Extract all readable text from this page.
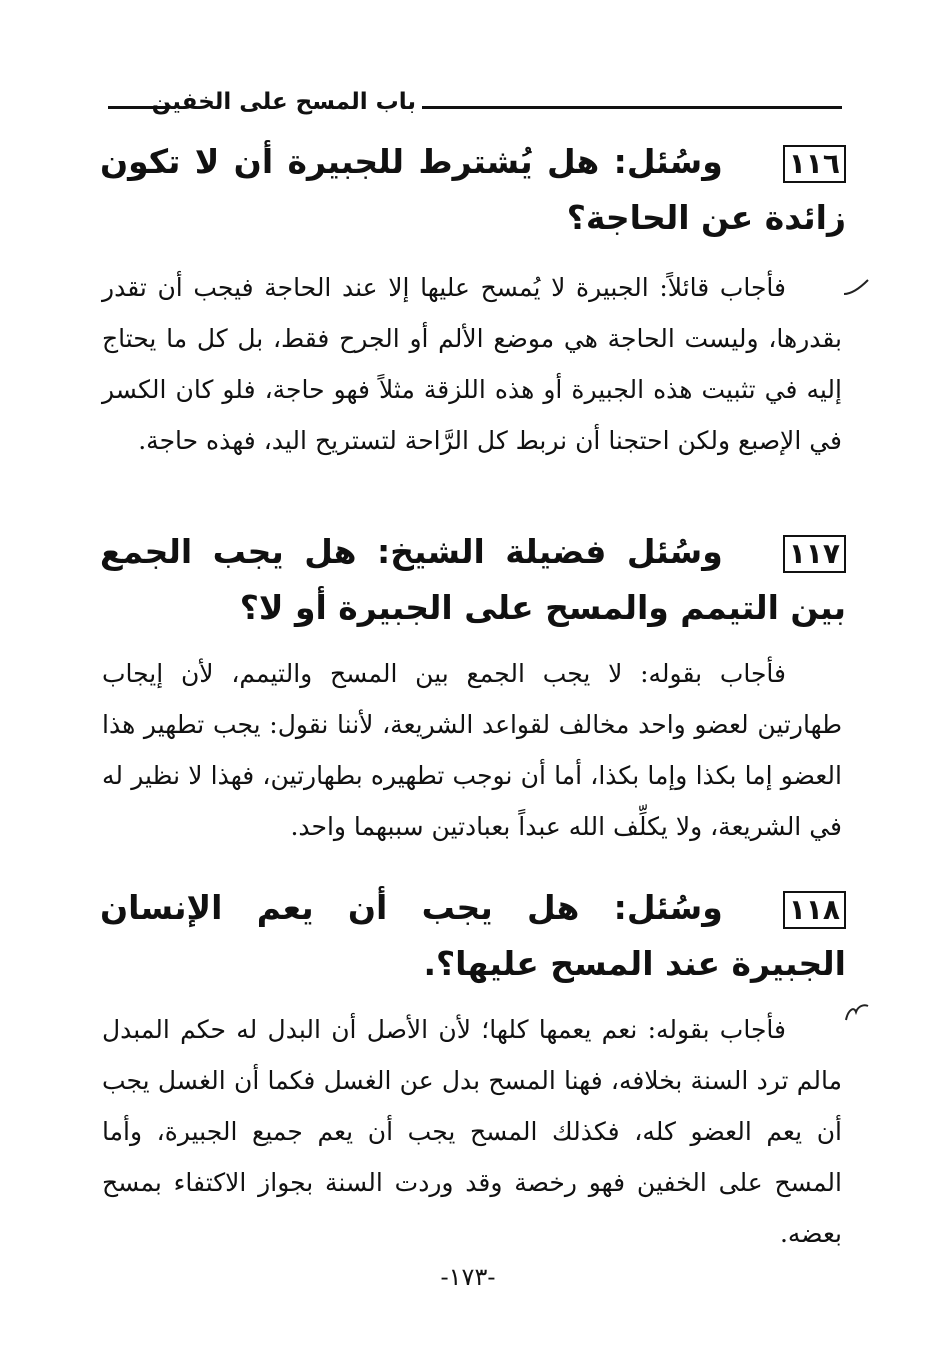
باب المسح على الخفين
١١٦وسُئل: هل يُشترط للجبيرة أن لا تكون زائدة عن الحاجة؟
فأجاب قائلاً: الجبيرة لا يُمسح عليها إلا عند الحاجة فيجب أن تقدر بقدرها، وليست الحاجة هي موضع الألم أو الجرح فقط، بل كل ما يحتاج إليه في تثبيت هذه الجبيرة أو هذه اللزقة مثلاً فهو حاجة، فلو كان الكسر في الإصبع ولكن احتجنا أن نربط كل الرَّاحة لتستريح اليد، فهذه حاجة.
١١٧وسُئل فضيلة الشيخ: هل يجب الجمع بين التيمم والمسح على الجبيرة أو لا؟
فأجاب بقوله: لا يجب الجمع بين المسح والتيمم، لأن إيجاب طهارتين لعضو واحد مخالف لقواعد الشريعة، لأننا نقول: يجب تطهير هذا العضو إما بكذا وإما بكذا، أما أن نوجب تطهيره بطهارتين، فهذا لا نظير له في الشريعة، ولا يكلِّف الله عبداً بعبادتين سببهما واحد.
١١٨وسُئل: هل يجب أن يعم الإنسان الجبيرة عند المسح عليها؟.
فأجاب بقوله: نعم يعمها كلها؛ لأن الأصل أن البدل له حكم المبدل مالم ترد السنة بخلافه، فهنا المسح بدل عن الغسل فكما أن الغسل يجب أن يعم العضو كله، فكذلك المسح يجب أن يعم جميع الجبيرة، وأما المسح على الخفين فهو رخصة وقد وردت السنة بجواز الاكتفاء بمسح بعضه.
-١٧٣-
